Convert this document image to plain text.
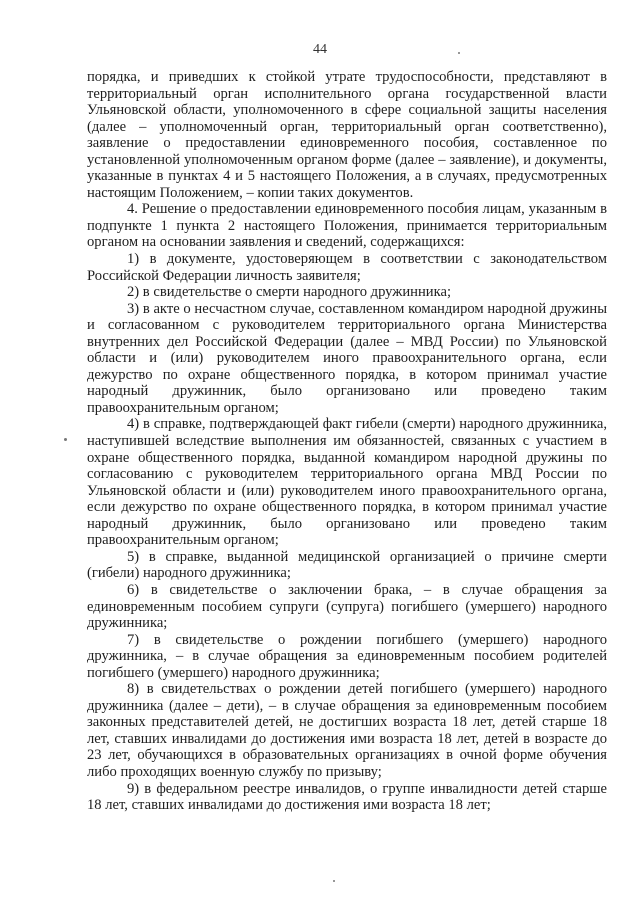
44

порядка, и приведших к стойкой утрате трудоспособности, представляют в территориальный орган исполнительного органа государственной власти Ульяновской области, уполномоченного в сфере социальной защиты населения (далее – уполномоченный орган, территориальный орган соответственно), заявление о предоставлении единовременного пособия, составленное по установленной уполномоченным органом форме (далее – заявление), и документы, указанные в пунктах 4 и 5 настоящего Положения, а в случаях, предусмотренных настоящим Положением, – копии таких документов.

4. Решение о предоставлении единовременного пособия лицам, указанным в подпункте 1 пункта 2 настоящего Положения, принимается территориальным органом на основании заявления и сведений, содержащихся:

1) в документе, удостоверяющем в соответствии с законодательством Российской Федерации личность заявителя;

2) в свидетельстве о смерти народного дружинника;

3) в акте о несчастном случае, составленном командиром народной дружины и согласованном с руководителем территориального органа Министерства внутренних дел Российской Федерации (далее – МВД России) по Ульяновской области и (или) руководителем иного правоохранительного органа, если дежурство по охране общественного порядка, в котором принимал участие народный дружинник, было организовано или проведено таким правоохранительным органом;

4) в справке, подтверждающей факт гибели (смерти) народного дружинника, наступившей вследствие выполнения им обязанностей, связанных с участием в охране общественного порядка, выданной командиром народной дружины по согласованию с руководителем территориального органа МВД России по Ульяновской области и (или) руководителем иного правоохранительного органа, если дежурство по охране общественного порядка, в котором принимал участие народный дружинник, было организовано или проведено таким правоохранительным органом;

5) в справке, выданной медицинской организацией о причине смерти (гибели) народного дружинника;

6) в свидетельстве о заключении брака, – в случае обращения за единовременным пособием супруги (супруга) погибшего (умершего) народного дружинника;

7) в свидетельстве о рождении погибшего (умершего) народного дружинника, – в случае обращения за единовременным пособием родителей погибшего (умершего) народного дружинника;

8) в свидетельствах о рождении детей погибшего (умершего) народного дружинника (далее – дети), – в случае обращения за единовременным пособием законных представителей детей, не достигших возраста 18 лет, детей старше 18 лет, ставших инвалидами до достижения ими возраста 18 лет, детей в возрасте до 23 лет, обучающихся в образовательных организациях в очной форме обучения либо проходящих военную службу по призыву;

9) в федеральном реестре инвалидов, о группе инвалидности детей старше 18 лет, ставших инвалидами до достижения ими возраста 18 лет;
